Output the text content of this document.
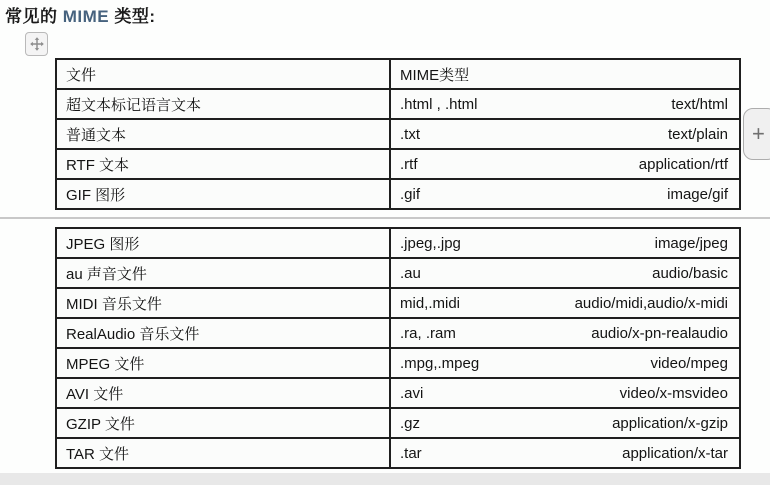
常见的 MIME 类型:
文件	MIME类型
超文本标记语言文本	.html , .html text/html

普通文本	.txt text/plain

RTF 文本	.rtf application/rtf

GIF 图形	.gif image/gif
JPEG 图形	.jpeg,.jpg image/jpeg

au 声音文件	.au audio/basic

MIDI 音乐文件	mid,.midi audio/midi,audio/x-midi

RealAudio 音乐文件	.ra, .ram audio/x-pn-realaudio

MPEG 文件	.mpg,.mpeg video/mpeg

AVI 文件	.avi video/x-msvideo

GZIP 文件	.gz application/x-gzip

TAR 文件	.tar application/x-tar
+
